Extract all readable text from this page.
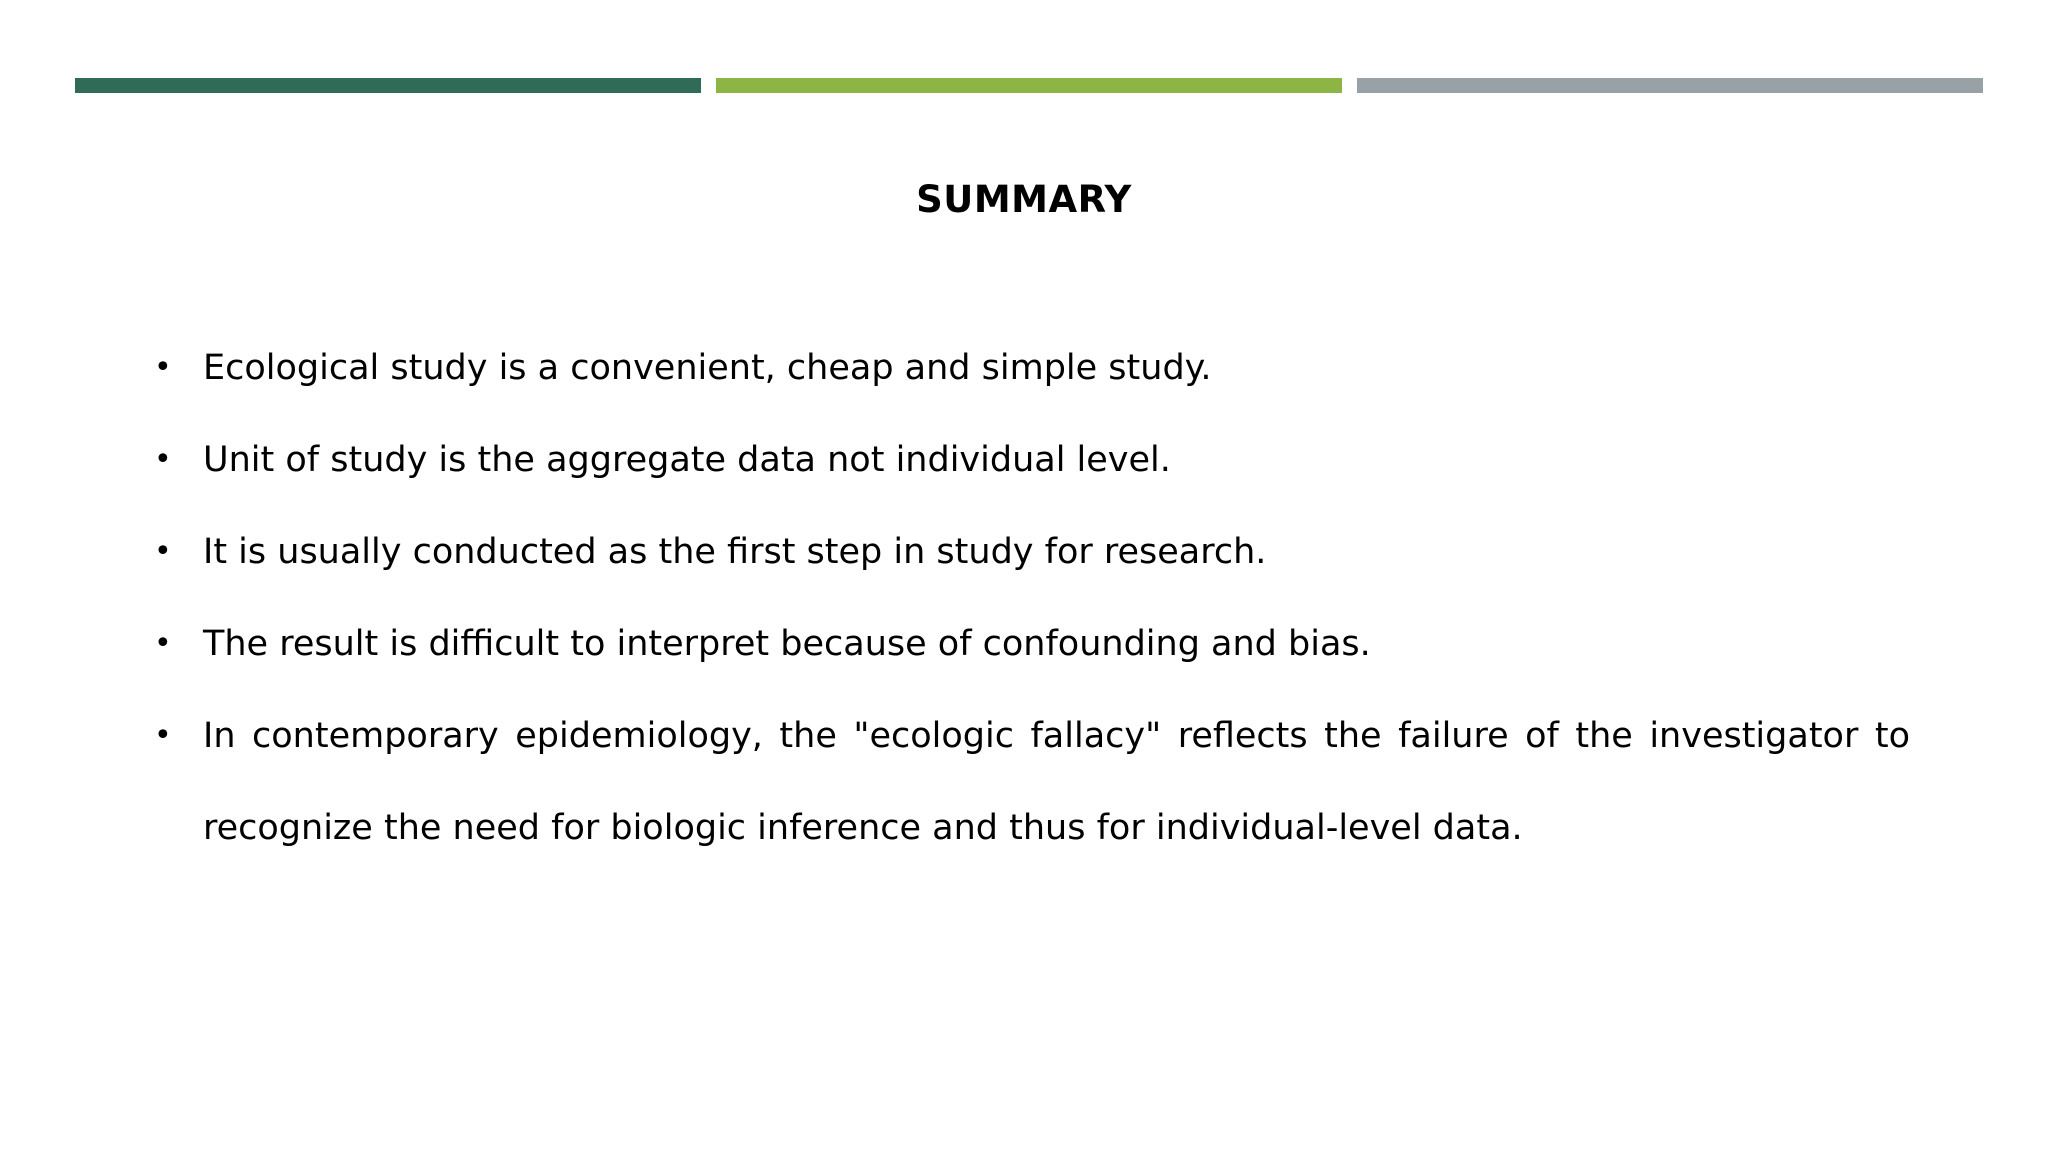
SUMMARY
• Ecological study is a convenient, cheap and simple study.
• Unit of study is the aggregate data not individual level.
• It is usually conducted as the first step in study for research.
• The result is difficult to interpret because of confounding and bias.
• In contemporary epidemiology, the "ecologic fallacy" reflects the failure of the investigator to recognize the need for biologic inference and thus for individual-level data.
